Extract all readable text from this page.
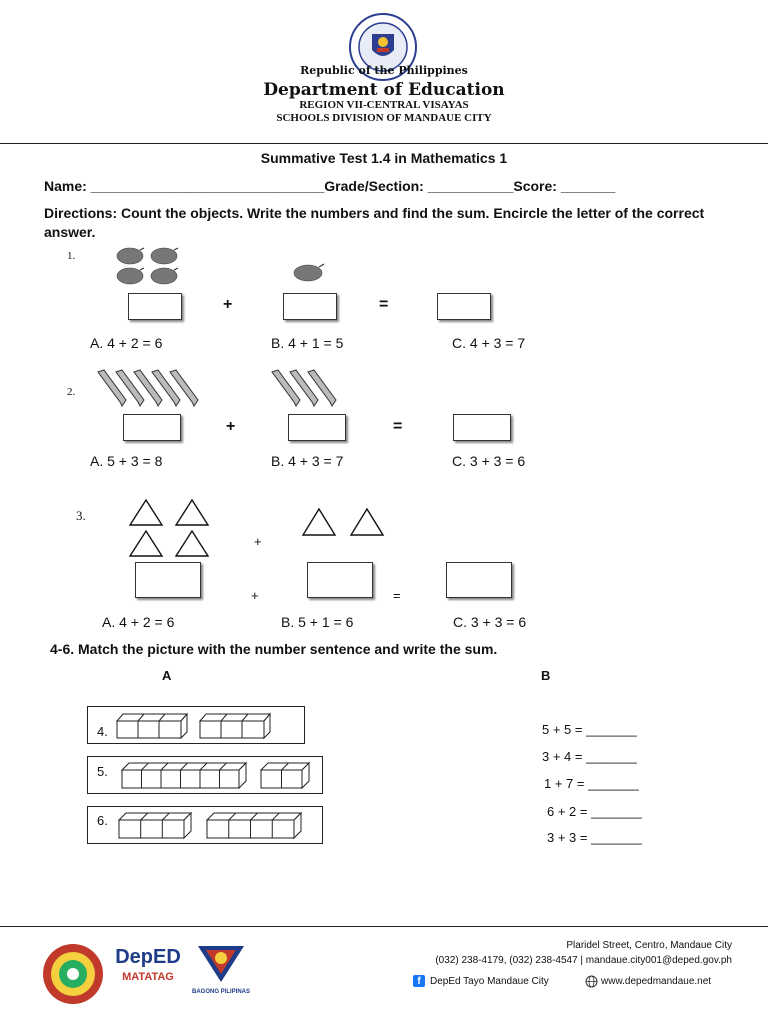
Republic of the Philippines
Department of Education
REGION VII-CENTRAL VISAYAS
SCHOOLS DIVISION OF MANDAUE CITY
Summative Test 1.4 in Mathematics 1
Name: ______________________________Grade/Section: ___________Score: _______
Directions: Count the objects. Write the numbers and find the sum. Encircle the letter of the correct answer.
1.
+	=
A. 4 + 2 = 6	B. 4 + 1 = 5	C. 4 + 3 = 7
2.
+	=
A. 5 + 3 = 8	B. 4 + 3 = 7	C. 3 + 3 = 6
3.
+
+	=
A. 4 + 2 = 6	B. 5 + 1 = 6	C. 3 + 3 = 6
4-6. Match the picture with the number sentence and write the sum.
A	B
4.
5.
6.
5 + 5 = _______
3 + 4 = _______
1 + 7 = _______
6 + 2 = _______
3 + 3 = _______
DepED
MATATAG
BAGONG PILIPINAS
Plaridel Street, Centro, Mandaue City
(032) 238-4179, (032) 238-4547 | mandaue.city001@deped.gov.ph
f DepEd Tayo Mandaue City	www.depedmandaue.net
